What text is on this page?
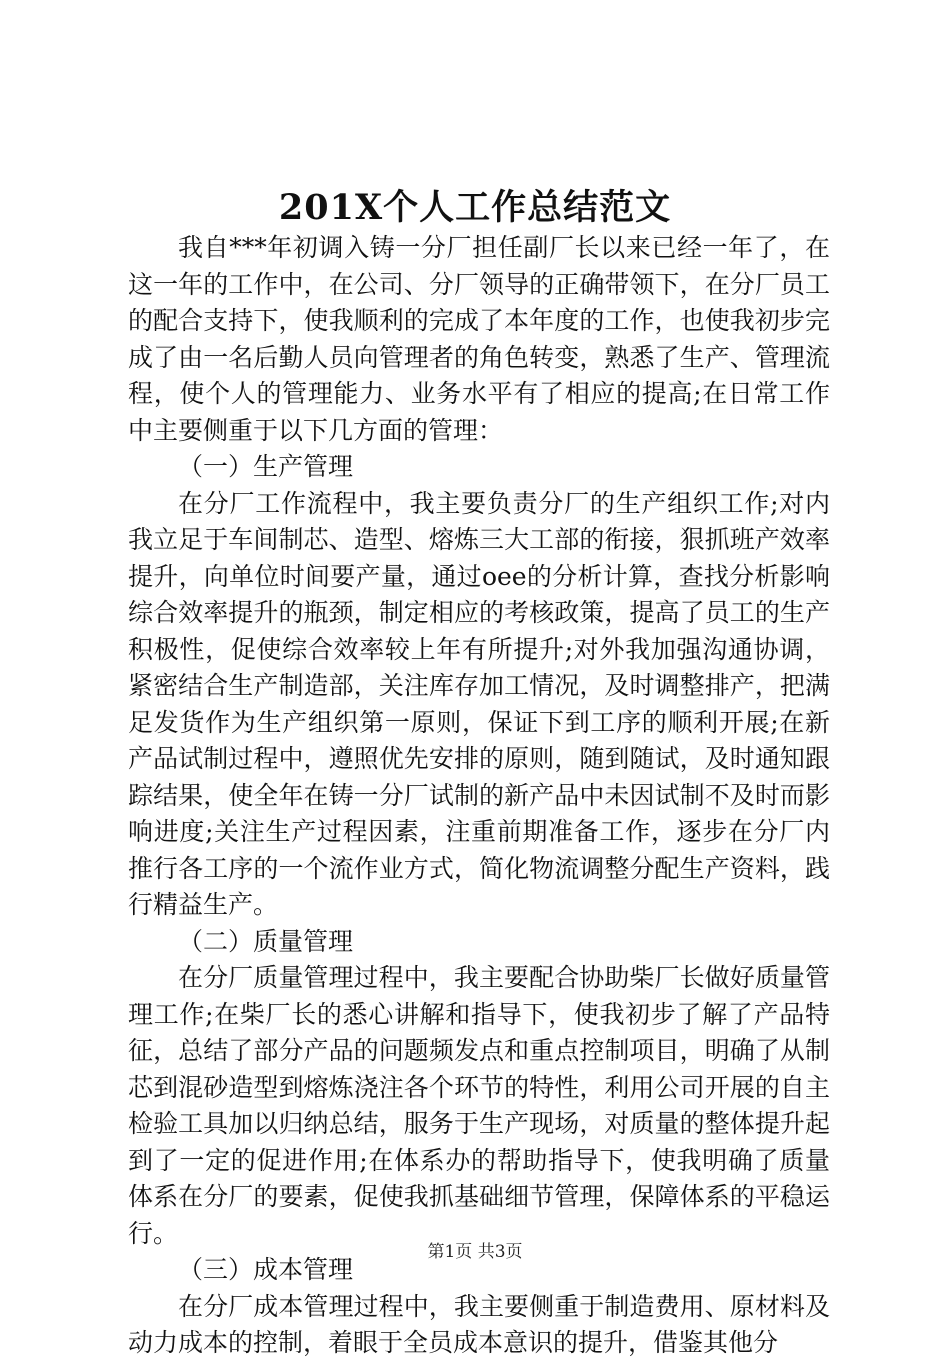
201X个人工作总结范文

我自***年初调入铸一分厂担任副厂长以来已经一年了，在这一年的工作中，在公司、分厂领导的正确带领下，在分厂员工的配合支持下，使我顺利的完成了本年度的工作，也使我初步完成了由一名后勤人员向管理者的角色转变，熟悉了生产、管理流程，使个人的管理能力、业务水平有了相应的提高;在日常工作中主要侧重于以下几方面的管理：

（一）生产管理

在分厂工作流程中，我主要负责分厂的生产组织工作;对内我立足于车间制芯、造型、熔炼三大工部的衔接，狠抓班产效率提升，向单位时间要产量，通过oee的分析计算，查找分析影响综合效率提升的瓶颈，制定相应的考核政策，提高了员工的生产积极性，促使综合效率较上年有所提升;对外我加强沟通协调，紧密结合生产制造部，关注库存加工情况，及时调整排产，把满足发货作为生产组织第一原则，保证下到工序的顺利开展;在新产品试制过程中，遵照优先安排的原则，随到随试，及时通知跟踪结果，使全年在铸一分厂试制的新产品中未因试制不及时而影响进度;关注生产过程因素，注重前期准备工作，逐步在分厂内推行各工序的一个流作业方式，简化物流调整分配生产资料，践行精益生产。

（二）质量管理

在分厂质量管理过程中，我主要配合协助柴厂长做好质量管理工作;在柴厂长的悉心讲解和指导下，使我初步了解了产品特征，总结了部分产品的问题频发点和重点控制项目，明确了从制芯到混砂造型到熔炼浇注各个环节的特性，利用公司开展的自主检验工具加以归纳总结，服务于生产现场，对质量的整体提升起到了一定的促进作用;在体系办的帮助指导下，使我明确了质量体系在分厂的要素，促使我抓基础细节管理，保障体系的平稳运行。

（三）成本管理

在分厂成本管理过程中，我主要侧重于制造费用、原材料及动力成本的控制，着眼于全员成本意识的提升，借鉴其他分

第1页 共3页
